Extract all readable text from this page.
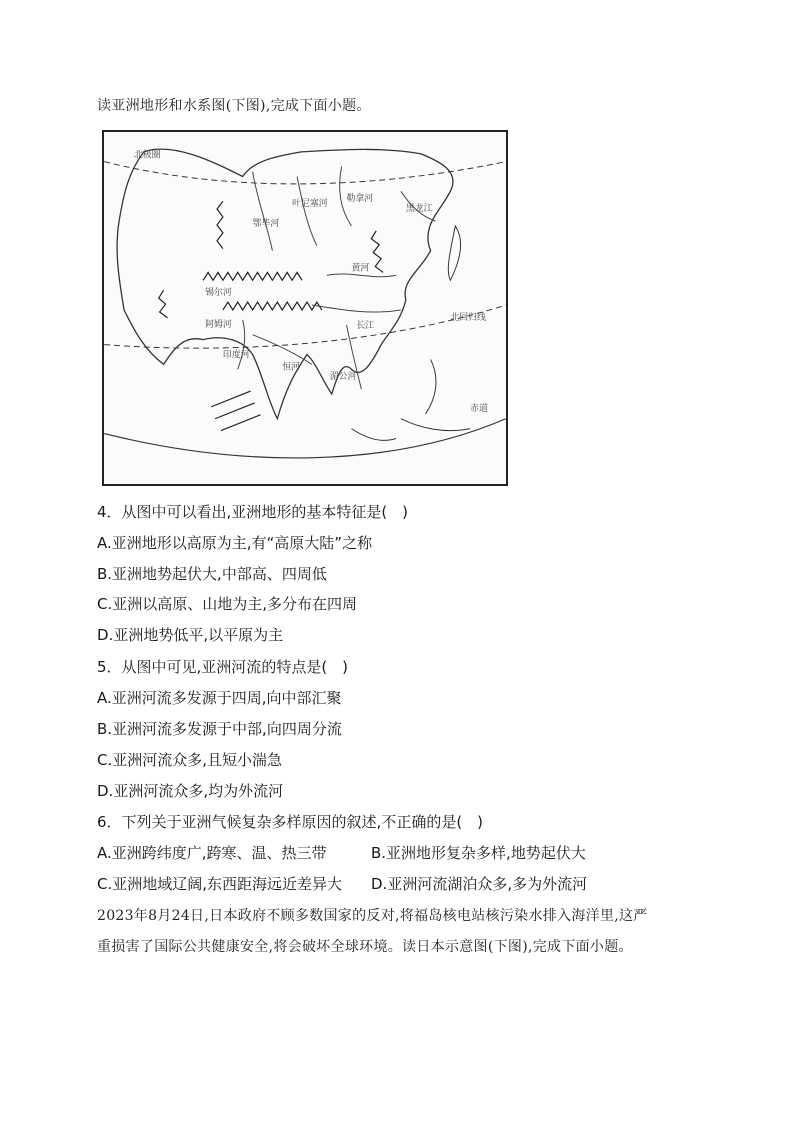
读亚洲地形和水系图(下图),完成下面小题。
北极圈
北回归线
赤道
鄂毕河
叶尼塞河 勒拿河
黑龙江
锡尔河
阿姆河
印度河
恒河
黄河
长江
湄公河
4．从图中可以看出,亚洲地形的基本特征是(　)
A.亚洲地形以高原为主,有“高原大陆”之称
B.亚洲地势起伏大,中部高、四周低
C.亚洲以高原、山地为主,多分布在四周
D.亚洲地势低平,以平原为主
5．从图中可见,亚洲河流的特点是(　)
A.亚洲河流多发源于四周,向中部汇聚
B.亚洲河流多发源于中部,向四周分流
C.亚洲河流众多,且短小湍急
D.亚洲河流众多,均为外流河
6．下列关于亚洲气候复杂多样原因的叙述,不正确的是(　)
A.亚洲跨纬度广,跨寒、温、热三带	B.亚洲地形复杂多样,地势起伏大
C.亚洲地域辽阔,东西距海远近差异大 D.亚洲河流湖泊众多,多为外流河
2023年8月24日,日本政府不顾多数国家的反对,将福岛核电站核污染水排入海洋里,这严
重损害了国际公共健康安全,将会破坏全球环境。读日本示意图(下图),完成下面小题。
